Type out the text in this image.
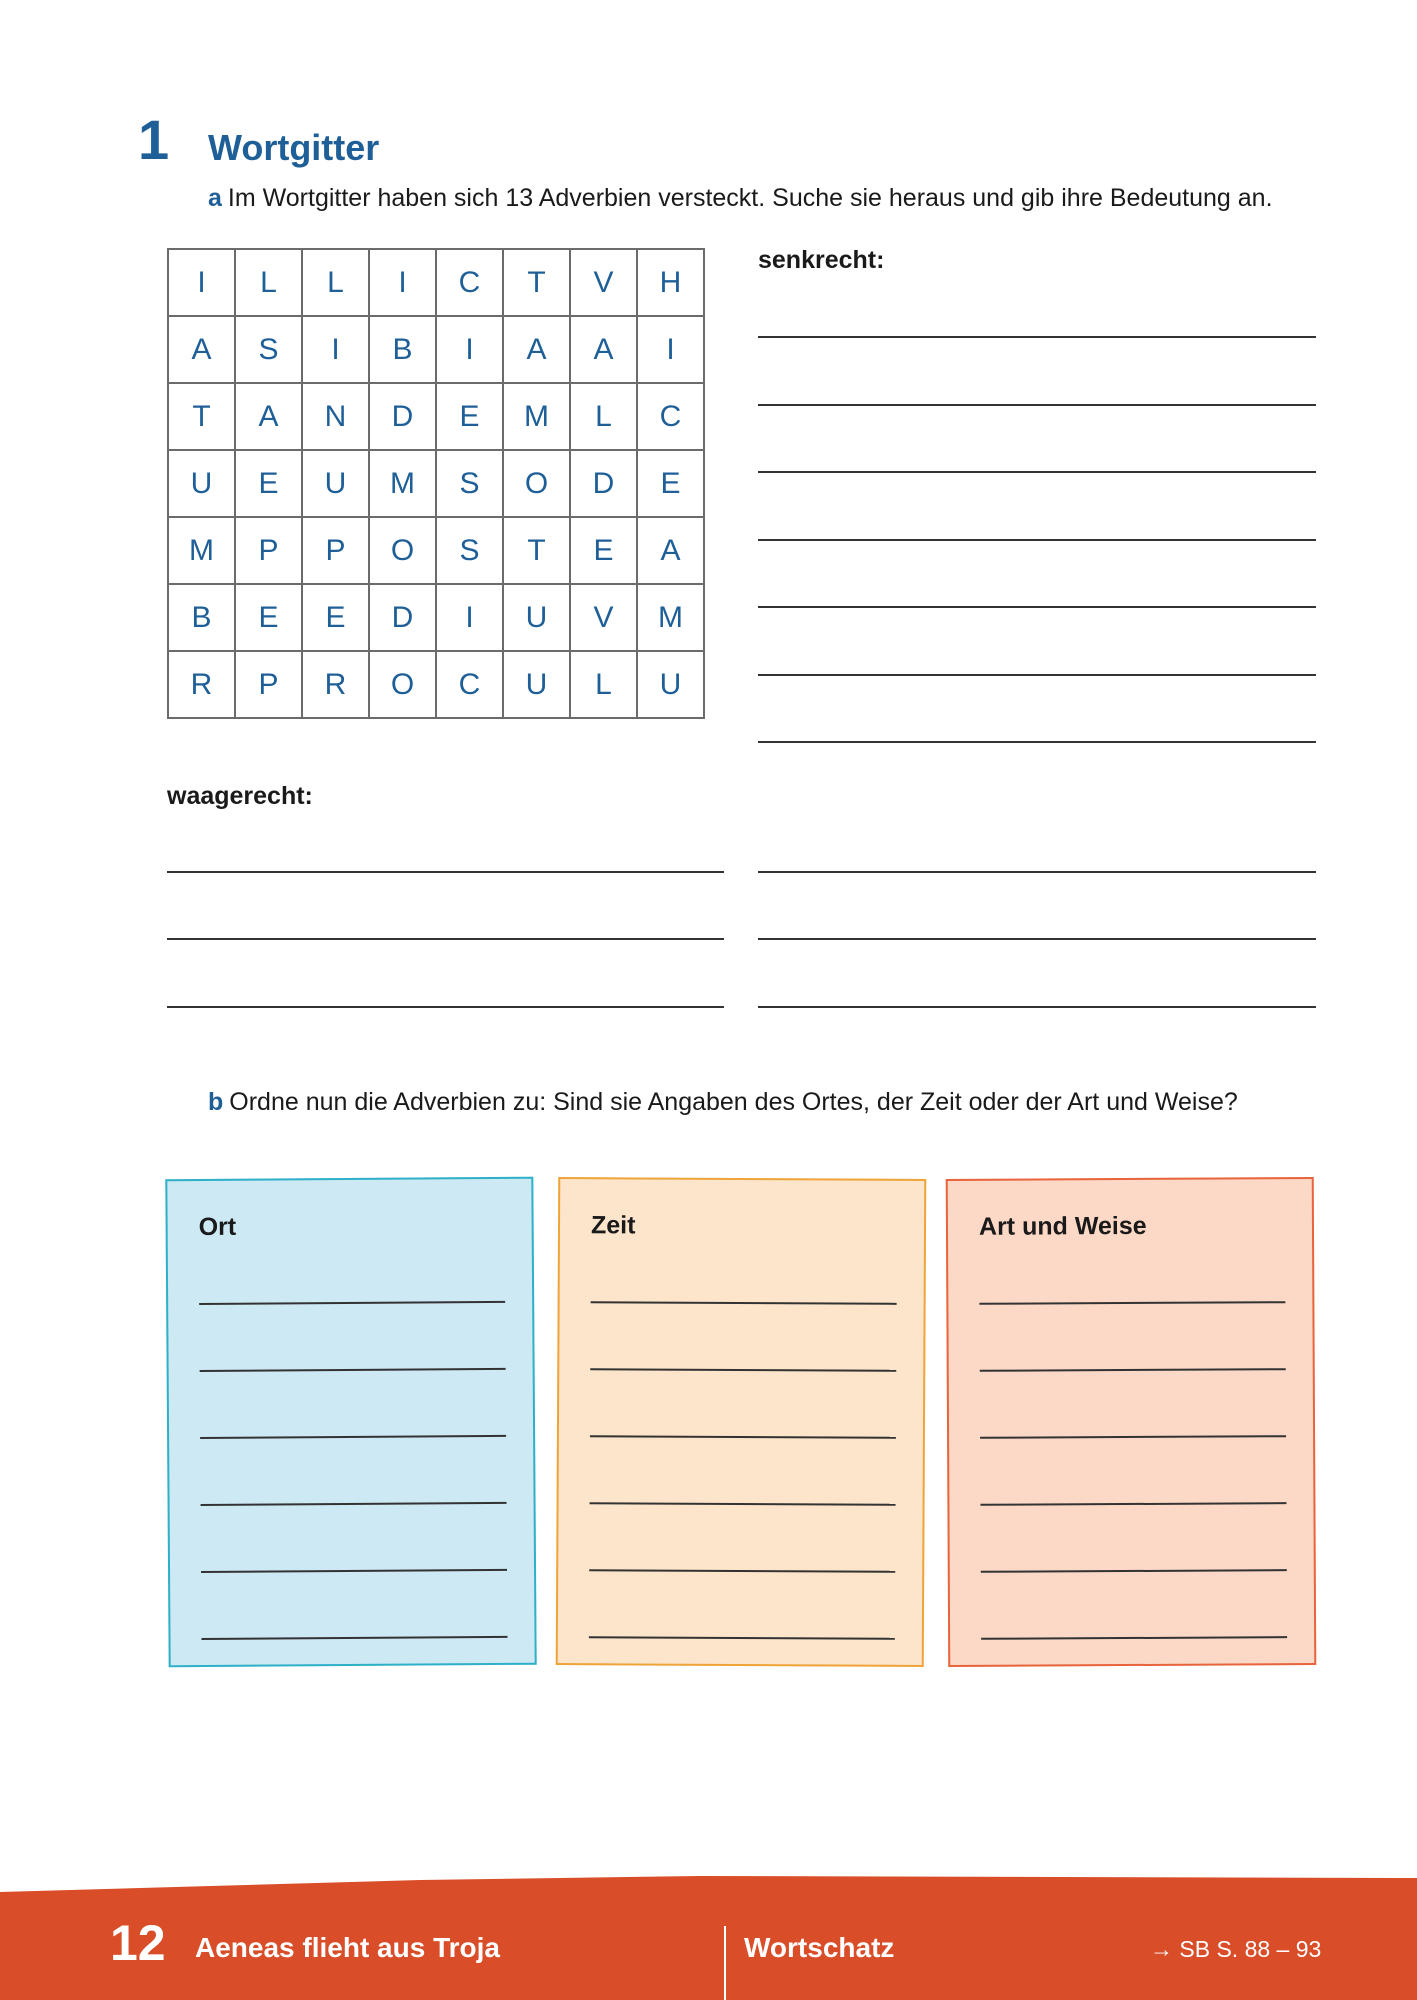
1 Wortgitter
a Im Wortgitter haben sich 13 Adverbien versteckt. Suche sie heraus und gib ihre Bedeutung an.
I	L	L	I	C	T	V	H
A	S	I	B	I	A	A	I
T	A	N	D	E	M	L	C
U	E	U	M	S	O	D	E
M	P	P	O	S	T	E	A
B	E	E	D	I	U	V	M
R	P	R	O	C	U	L	U
senkrecht:
waagerecht:
b Ordne nun die Adverbien zu: Sind sie Angaben des Ortes, der Zeit oder der Art und Weise?
Ort	Zeit	Art und Weise
12 Aeneas flieht aus Troja	Wortschatz	→ SB S. 88 – 93
